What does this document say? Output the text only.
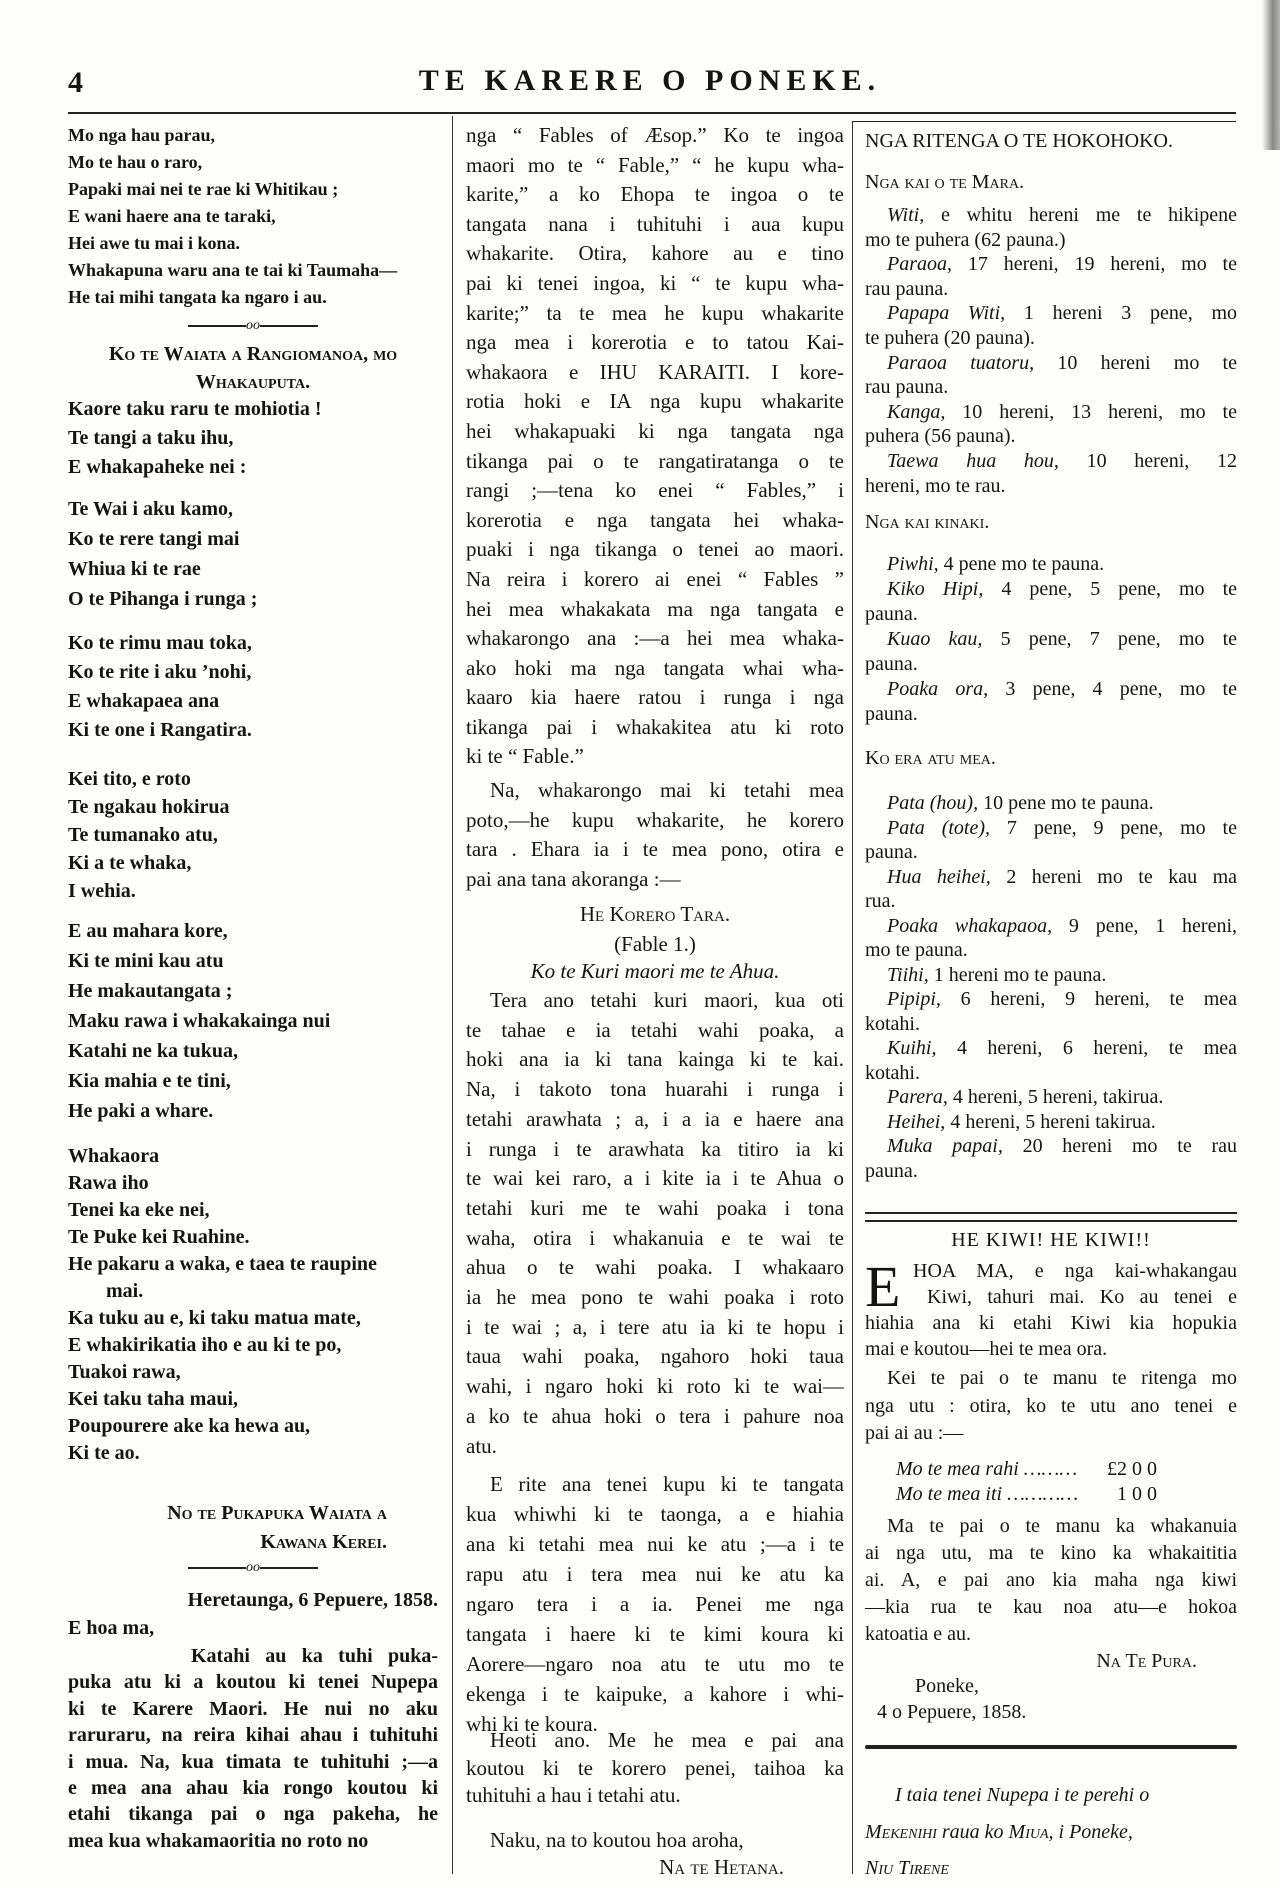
4	TE KARERE O PONEKE.
Mo nga hau parau,
Mo te hau o raro,
Papaki mai nei te rae ki Whitikau ;
E wani haere ana te taraki,
Hei awe tu mai i kona.
Whakapuna waru ana te tai ki Taumaha—
He tai mihi tangata ka ngaro i au.
oo
Ko te Waiata a Rangiomanoa, mo
Whakauputa.
Kaore taku raru te mohiotia !
Te tangi a taku ihu,
E whakapaheke nei :
Te Wai i aku kamo,
Ko te rere tangi mai
Whiua ki te rae
O te Pihanga i runga ;
Ko te rimu mau toka,
Ko te rite i aku ’nohi,
E whakapaea ana
Ki te one i Rangatira.
Kei tito, e roto
Te ngakau hokirua
Te tumanako atu,
Ki a te whaka,
I wehia.
E au mahara kore,
Ki te mini kau atu
He makautangata ;
Maku rawa i whakakainga nui
Katahi ne ka tukua,
Kia mahia e te tini,
He paki a whare.
Whakaora
Rawa iho
Tenei ka eke nei,
Te Puke kei Ruahine.
He pakaru a waka, e taea te raupine
mai.
Ka tuku au e, ki taku matua mate,
E whakirikatia iho e au ki te po,
Tuakoi rawa,
Kei taku taha maui,
Poupourere ake ka hewa au,
Ki te ao.
No te Pukapuka Waiata a
Kawana Kerei.
oo
Heretaunga, 6 Pepuere, 1858.
E hoa ma,
Katahi au ka tuhi puka-
puka atu ki a koutou ki tenei Nupepa
ki te Karere Maori. He nui no aku
raruraru, na reira kihai ahau i tuhituhi
i mua. Na, kua timata te tuhituhi ;—a
e mea ana ahau kia rongo koutou ki
etahi tikanga pai o nga pakeha, he
mea kua whakamaoritia no roto no
nga “ Fables of Æsop.” Ko te ingoa
maori mo te “ Fable,” “ he kupu wha-
karite,” a ko Ehopa te ingoa o te
tangata nana i tuhituhi i aua kupu
whakarite. Otira, kahore au e tino
pai ki tenei ingoa, ki “ te kupu wha-
karite;” ta te mea he kupu whakarite
nga mea i korerotia e to tatou Kai-
whakaora e IHU KARAITI. I kore-
rotia hoki e IA nga kupu whakarite
hei whakapuaki ki nga tangata nga
tikanga pai o te rangatiratanga o te
rangi ;—tena ko enei “ Fables,” i
korerotia e nga tangata hei whaka-
puaki i nga tikanga o tenei ao maori.
Na reira i korero ai enei “ Fables ”
hei mea whakakata ma nga tangata e
whakarongo ana :—a hei mea whaka-
ako hoki ma nga tangata whai wha-
kaaro kia haere ratou i runga i nga
tikanga pai i whakakitea atu ki roto
ki te “ Fable.”
Na, whakarongo mai ki tetahi mea
poto,—he kupu whakarite, he korero
tara . Ehara ia i te mea pono, otira e
pai ana tana akoranga :—
He Korero Tara.
(Fable 1.)
Ko te Kuri maori me te Ahua.
Tera ano tetahi kuri maori, kua oti
te tahae e ia tetahi wahi poaka, a
hoki ana ia ki tana kainga ki te kai.
Na, i takoto tona huarahi i runga i
tetahi arawhata ; a, i a ia e haere ana
i runga i te arawhata ka titiro ia ki
te wai kei raro, a i kite ia i te Ahua o
tetahi kuri me te wahi poaka i tona
waha, otira i whakanuia e te wai te
ahua o te wahi poaka. I whakaaro
ia he mea pono te wahi poaka i roto
i te wai ; a, i tere atu ia ki te hopu i
taua wahi poaka, ngahoro hoki taua
wahi, i ngaro hoki ki roto ki te wai—
a ko te ahua hoki o tera i pahure noa
atu.
E rite ana tenei kupu ki te tangata
kua whiwhi ki te taonga, a e hiahia
ana ki tetahi mea nui ke atu ;—a i te
rapu atu i tera mea nui ke atu ka
ngaro tera i a ia. Penei me nga
tangata i haere ki te kimi koura ki
Aorere—ngaro noa atu te utu mo te
ekenga i te kaipuke, a kahore i whi-
whi ki te koura.
Heoti ano. Me he mea e pai ana
koutou ki te korero penei, taihoa ka
tuhituhi a hau i tetahi atu.
Naku, na to koutou hoa aroha,
Na te Hetana.
NGA RITENGA O TE HOKOHOKO.
Nga kai o te Mara.
Witi, e whitu hereni me te hikipene
mo te puhera (62 pauna.)
Paraoa, 17 hereni, 19 hereni, mo te
rau pauna.
Papapa Witi, 1 hereni 3 pene, mo
te puhera (20 pauna).
Paraoa tuatoru, 10 hereni mo te
rau pauna.
Kanga, 10 hereni, 13 hereni, mo te
puhera (56 pauna).
Taewa hua hou, 10 hereni, 12
hereni, mo te rau.
Nga kai kinaki.
Piwhi, 4 pene mo te pauna.
Kiko Hipi, 4 pene, 5 pene, mo te
pauna.
Kuao kau, 5 pene, 7 pene, mo te
pauna.
Poaka ora, 3 pene, 4 pene, mo te
pauna.
Ko era atu mea.
Pata (hou), 10 pene mo te pauna.
Pata (tote), 7 pene, 9 pene, mo te
pauna.
Hua heihei, 2 hereni mo te kau ma
rua.
Poaka whakapaoa, 9 pene, 1 hereni,
mo te pauna.
Tiihi, 1 hereni mo te pauna.
Pipipi, 6 hereni, 9 hereni, te mea
kotahi.
Kuihi, 4 hereni, 6 hereni, te mea
kotahi.
Parera, 4 hereni, 5 hereni, takirua.
Heihei, 4 hereni, 5 hereni takirua.
Muka papai, 20 hereni mo te rau
pauna.
HE KIWI! HE KIWI!!
E HOA MA, e nga kai-whakangau
Kiwi, tahuri mai. Ko au tenei e
hiahia ana ki etahi Kiwi kia hopukia
mai e koutou—hei te mea ora.
Kei te pai o te manu te ritenga mo
nga utu : otira, ko te utu ano tenei e
pai ai au :—
Mo te mea rahi ………	£2 0 0
Mo te mea iti …………	1 0 0
Ma te pai o te manu ka whakanuia
ai nga utu, ma te kino ka whakaititia
ai. A, e pai ano kia maha nga kiwi
—kia rua te kau noa atu—e hokoa
katoatia e au.
Na Te Pura.
Poneke,
4 o Pepuere, 1858.
I taia tenei Nupepa i te perehi o
Mekenihi raua ko Miua, i Poneke,
Niu Tirene
